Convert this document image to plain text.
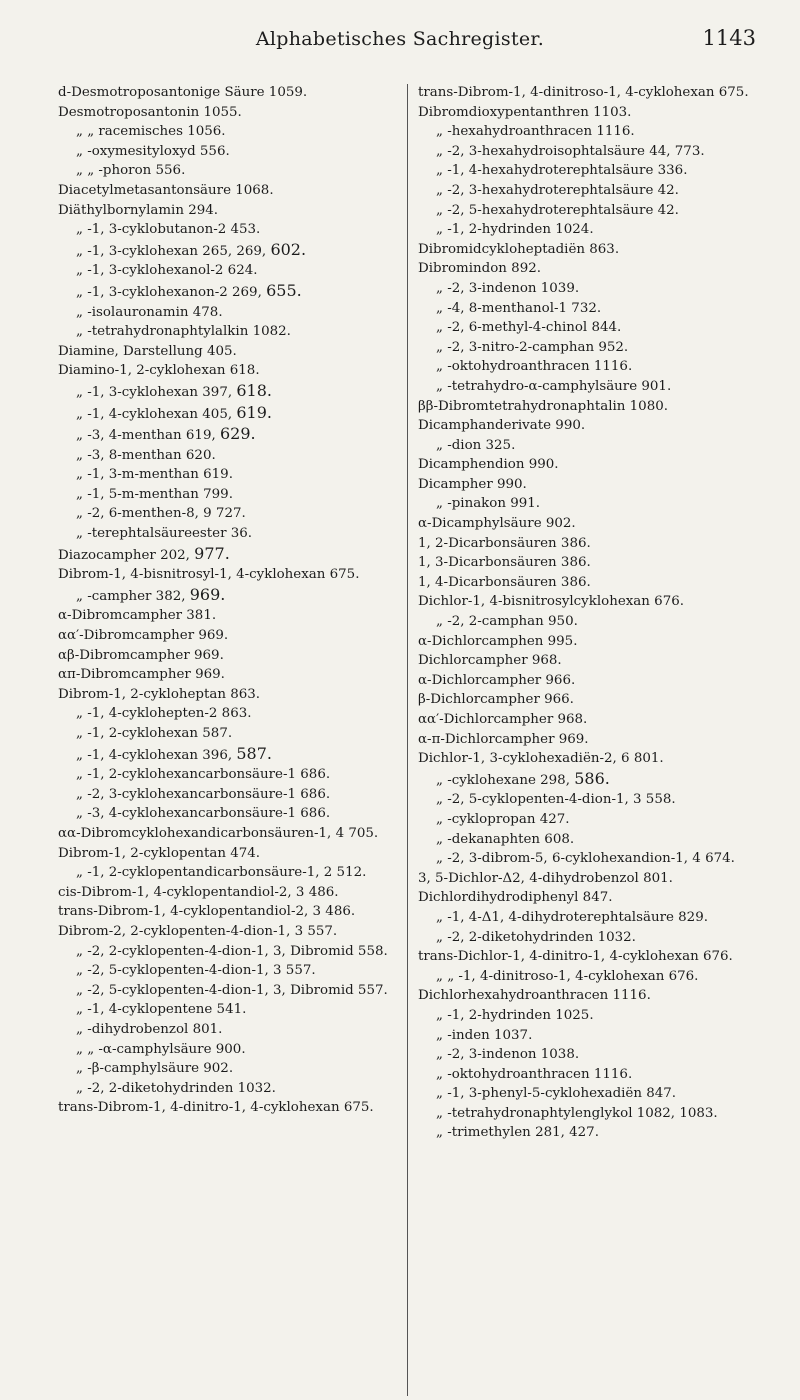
Alphabetisches Sachregister.	1143
d-Desmotroposantonige Säure 1059.
Desmotroposantonin 1055.
„ „ racemisches 1056.
„ -oxymesityloxyd 556.
„ „ -phoron 556.
Diacetylmetasantonsäure 1068.
Diäthylbornylamin 294.
„ -1, 3-cyklobutanon-2 453.
„ -1, 3-cyklohexan 265, 269, 602.
„ -1, 3-cyklohexanol-2 624.
„ -1, 3-cyklohexanon-2 269, 655.
„ -isolauronamin 478.
„ -tetrahydronaphtylalkin 1082.
Diamine, Darstellung 405.
Diamino-1, 2-cyklohexan 618.
„ -1, 3-cyklohexan 397, 618.
„ -1, 4-cyklohexan 405, 619.
„ -3, 4-menthan 619, 629.
„ -3, 8-menthan 620.
„ -1, 3-m-menthan 619.
„ -1, 5-m-menthan 799.
„ -2, 6-menthen-8, 9 727.
„ -terephtalsäureester 36.
Diazocampher 202, 977.
Dibrom-1, 4-bisnitrosyl-1, 4-cyklohexan 675.
„ -campher 382, 969.
α-Dibromcampher 381.
αα′-Dibromcampher 969.
αβ-Dibromcampher 969.
απ-Dibromcampher 969.
Dibrom-1, 2-cykloheptan 863.
„ -1, 4-cyklohepten-2 863.
„ -1, 2-cyklohexan 587.
„ -1, 4-cyklohexan 396, 587.
„ -1, 2-cyklohexancarbonsäure-1 686.
„ -2, 3-cyklohexancarbonsäure-1 686.
„ -3, 4-cyklohexancarbonsäure-1 686.
αα-Dibromcyklohexandicarbonsäuren-1, 4 705.
Dibrom-1, 2-cyklopentan 474.
„ -1, 2-cyklopentandicarbonsäure-1, 2 512.
cis-Dibrom-1, 4-cyklopentandiol-2, 3 486.
trans-Dibrom-1, 4-cyklopentandiol-2, 3 486.
Dibrom-2, 2-cyklopenten-4-dion-1, 3 557.
„ -2, 2-cyklopenten-4-dion-1, 3, Dibromid 558.
„ -2, 5-cyklopenten-4-dion-1, 3 557.
„ -2, 5-cyklopenten-4-dion-1, 3, Dibromid 557.
„ -1, 4-cyklopentene 541.
„ -dihydrobenzol 801.
„ „ -α-camphylsäure 900.
„ -β-camphylsäure 902.
„ -2, 2-diketohydrinden 1032.
trans-Dibrom-1, 4-dinitro-1, 4-cyklohexan 675.
trans-Dibrom-1, 4-dinitroso-1, 4-cyklohexan 675.
Dibromdioxypentanthren 1103.
„ -hexahydroanthracen 1116.
„ -2, 3-hexahydroisophtalsäure 44, 773.
„ -1, 4-hexahydroterephtalsäure 336.
„ -2, 3-hexahydroterephtalsäure 42.
„ -2, 5-hexahydroterephtalsäure 42.
„ -1, 2-hydrinden 1024.
Dibromidcykloheptadiën 863.
Dibromindon 892.
„ -2, 3-indenon 1039.
„ -4, 8-menthanol-1 732.
„ -2, 6-methyl-4-chinol 844.
„ -2, 3-nitro-2-camphan 952.
„ -oktohydroanthracen 1116.
„ -tetrahydro-α-camphylsäure 901.
ββ-Dibromtetrahydronaphtalin 1080.
Dicamphanderivate 990.
„ -dion 325.
Dicamphendion 990.
Dicampher 990.
„ -pinakon 991.
α-Dicamphylsäure 902.
1, 2-Dicarbonsäuren 386.
1, 3-Dicarbonsäuren 386.
1, 4-Dicarbonsäuren 386.
Dichlor-1, 4-bisnitrosylcyklohexan 676.
„ -2, 2-camphan 950.
α-Dichlorcamphen 995.
Dichlorcampher 968.
α-Dichlorcampher 966.
β-Dichlorcampher 966.
αα′-Dichlorcampher 968.
α-π-Dichlorcampher 969.
Dichlor-1, 3-cyklohexadiën-2, 6 801.
„ -cyklohexane 298, 586.
„ -2, 5-cyklopenten-4-dion-1, 3 558.
„ -cyklopropan 427.
„ -dekanaphten 608.
„ -2, 3-dibrom-5, 6-cyklohexandion-1, 4 674.
3, 5-Dichlor-Δ2, 4-dihydrobenzol 801.
Dichlordihydrodiphenyl 847.
„ -1, 4-Δ1, 4-dihydroterephtalsäure 829.
„ -2, 2-diketohydrinden 1032.
trans-Dichlor-1, 4-dinitro-1, 4-cyklohexan 676.
„ „ -1, 4-dinitroso-1, 4-cyklohexan 676.
Dichlorhexahydroanthracen 1116.
„ -1, 2-hydrinden 1025.
„ -inden 1037.
„ -2, 3-indenon 1038.
„ -oktohydroanthracen 1116.
„ -1, 3-phenyl-5-cyklohexadiën 847.
„ -tetrahydronaphtylenglykol 1082, 1083.
„ -trimethylen 281, 427.
